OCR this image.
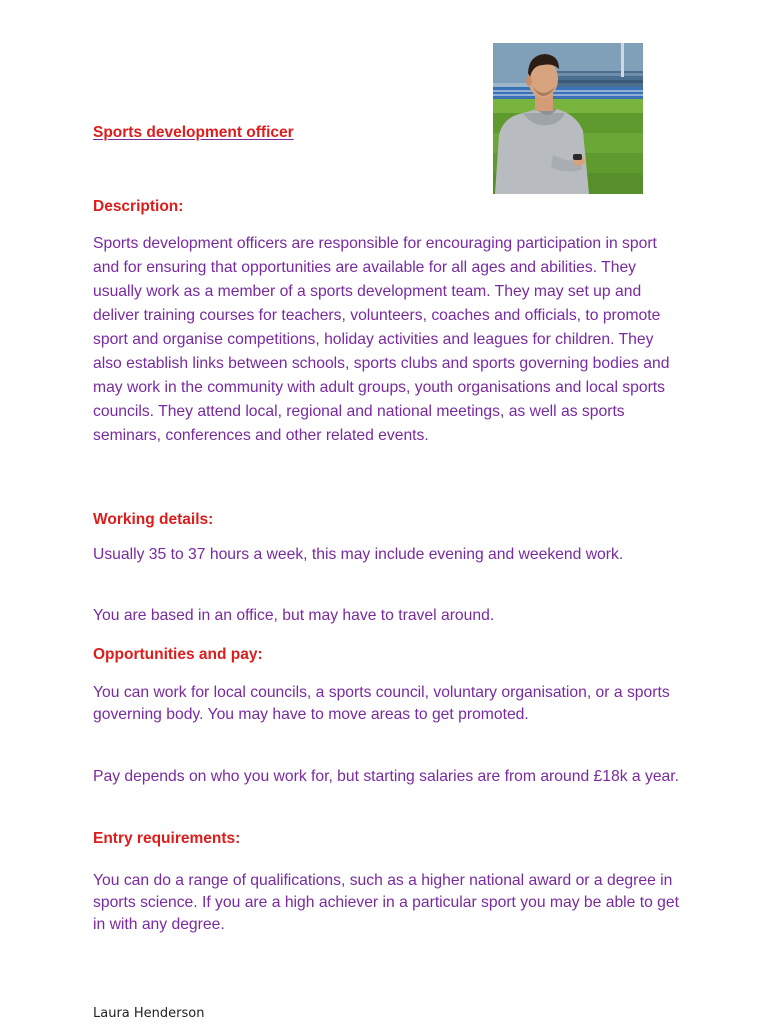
Sports development officer
Description:

Sports development officers are responsible for encouraging participation in sport and for ensuring that opportunities are available for all ages and abilities. They usually work as a member of a sports development team. They may set up and deliver training courses for teachers, volunteers, coaches and officials, to promote sport and organise competitions, holiday activities and leagues for children. They also establish links between schools, sports clubs and sports governing bodies and may work in the community with adult groups, youth organisations and local sports councils. They attend local, regional and national meetings, as well as sports seminars, conferences and other related events.

Working details:

Usually 35 to 37 hours a week, this may include evening and weekend work.

You are based in an office, but may have to travel around.

Opportunities and pay:

You can work for local councils, a sports council, voluntary organisation, or a sports governing body. You may have to move areas to get promoted.

Pay depends on who you work for, but starting salaries are from around £18k a year.

Entry requirements:

You can do a range of qualifications, such as a higher national award or a degree in sports science. If you are a high achiever in a particular sport you may be able to get in with any degree.

Laura Henderson
